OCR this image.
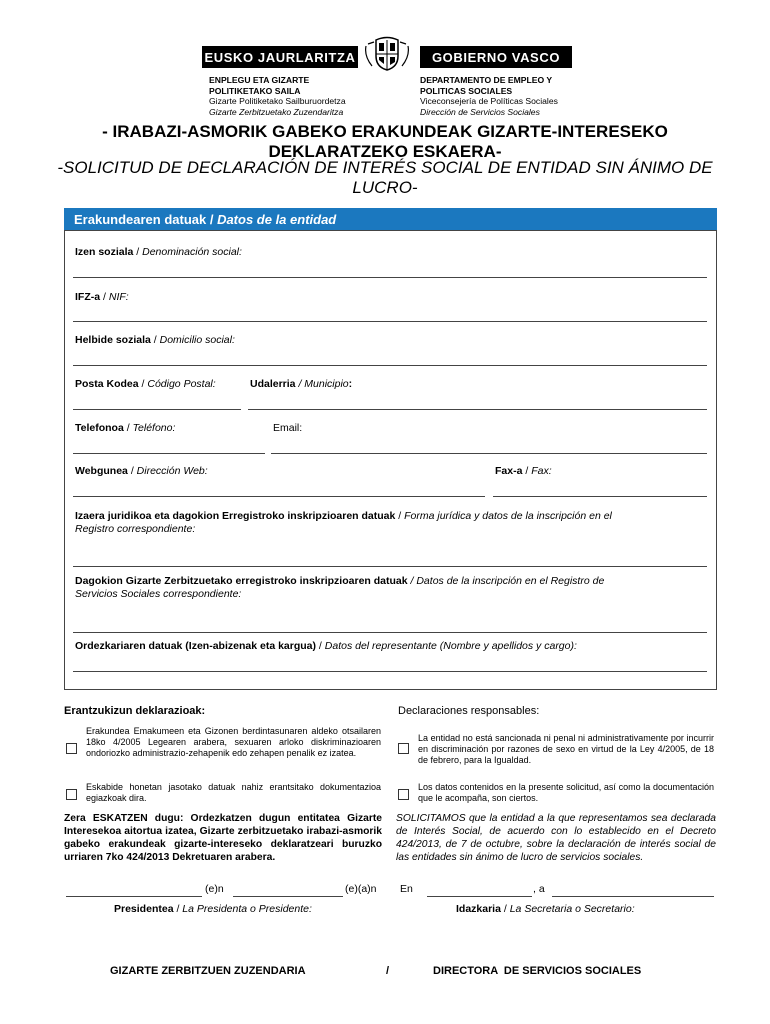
EUSKO JAURLARITZA	GOBIERNO VASCO
ENPLEGU ETA GIZARTE
POLITIKETAKO SAILA
Gizarte Politiketako Sailburuordetza
Gizarte Zerbitzuetako Zuzendaritza
DEPARTAMENTO DE EMPLEO Y
POLITICAS SOCIALES
Viceconsejería de Políticas Sociales
Dirección de Servicios Sociales
- IRABAZI-ASMORIK GABEKO ERAKUNDEAK GIZARTE-INTERESEKO
DEKLARATZEKO ESKAERA-
-SOLICITUD DE DECLARACIÓN DE INTERÉS SOCIAL DE ENTIDAD SIN ÁNIMO DE
LUCRO-
Erakundearen datuak / Datos de la entidad
Izen soziala / Denominación social:
IFZ-a / NIF:
Helbide soziala / Domicilio social:
Posta Kodea / Código Postal:	Udalerria / Municipio:
Telefonoa / Teléfono:	Email:
Webgunea / Dirección Web:	Fax-a / Fax:
Izaera juridikoa eta dagokion Erregistroko inskripzioaren datuak / Forma jurídica y datos de la inscripción en el
Registro correspondiente:
Dagokion Gizarte Zerbitzuetako erregistroko inskripzioaren datuak / Datos de la inscripción en el Registro de
Servicios Sociales correspondiente:
Ordezkariaren datuak (Izen-abizenak eta kargua) / Datos del representante (Nombre y apellidos y cargo):
Erantzukizun deklarazioak:	Declaraciones responsables:
Erakundea Emakumeen eta Gizonen berdintasunaren aldeko otsailaren 18ko 4/2005 Legearen arabera, sexuaren arloko diskriminazioaren ondoriozko administrazio-zehapenik edo zehapen penalik ez izatea.
La entidad no está sancionada ni penal ni administrativamente por incurrir en discriminación por razones de sexo en virtud de la Ley 4/2005, de 18 de febrero, para la Igualdad.
Eskabide honetan jasotako datuak nahiz erantsitako dokumentazioa egiazkoak dira.
Los datos contenidos en la presente solicitud, así como la documentación que le acompaña, son ciertos.
Zera ESKATZEN dugu: Ordezkatzen dugun entitatea Gizarte Interesekoa aitortua izatea, Gizarte zerbitzuetako irabazi-asmorik gabeko erakundeak gizarte-intereseko deklaratzeari buruzko urriaren 7ko 424/2013 Dekretuaren arabera.
SOLICITAMOS que la entidad a la que representamos sea declarada de Interés Social, de acuerdo con lo establecido en el Decreto 424/2013, de 7 de octubre, sobre la declaración de interés social de las entidades sin ánimo de lucro de servicios sociales.
(e)n	(e)(a)n En	, a
Presidentea / La Presidenta o Presidente:	Idazkaria / La Secretaria o Secretario:
GIZARTE ZERBITZUEN ZUZENDARIA	/	DIRECTORA  DE SERVICIOS SOCIALES
